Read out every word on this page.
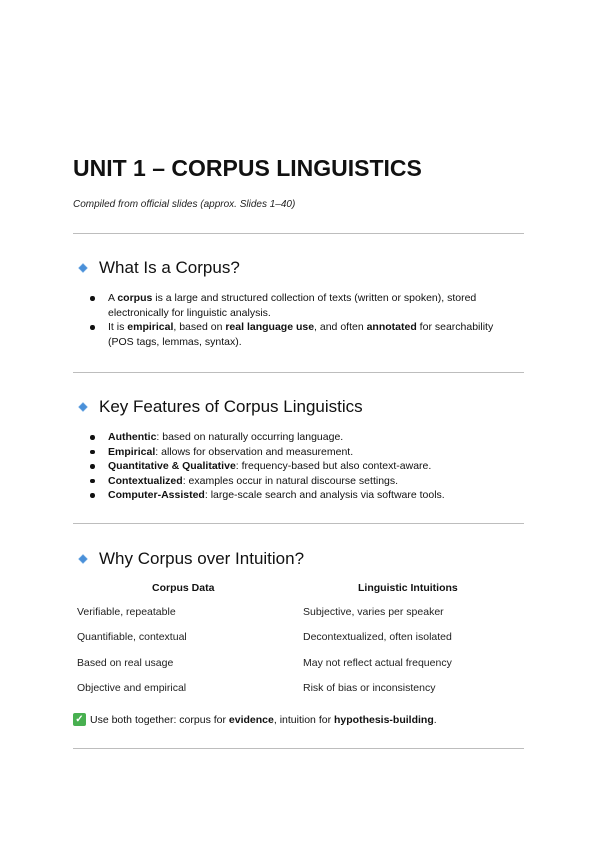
UNIT 1 – CORPUS LINGUISTICS

Compiled from official slides (approx. Slides 1–40)

What Is a Corpus?
A corpus is a large and structured collection of texts (written or spoken), stored electronically for linguistic analysis.
It is empirical, based on real language use, and often annotated for searchability (POS tags, lemmas, syntax).
Key Features of Corpus Linguistics
Authentic: based on naturally occurring language.
Empirical: allows for observation and measurement.
Quantitative & Qualitative: frequency-based but also context-aware.
Contextualized: examples occur in natural discourse settings.
Computer-Assisted: large-scale search and analysis via software tools.
Why Corpus over Intuition?
Corpus Data	Linguistic Intuitions
Verifiable, repeatable	Subjective, varies per speaker
Quantifiable, contextual	Decontextualized, often isolated
Based on real usage	May not reflect actual frequency
Objective and empirical	Risk of bias or inconsistency
✓ Use both together: corpus for evidence, intuition for hypothesis-building.
